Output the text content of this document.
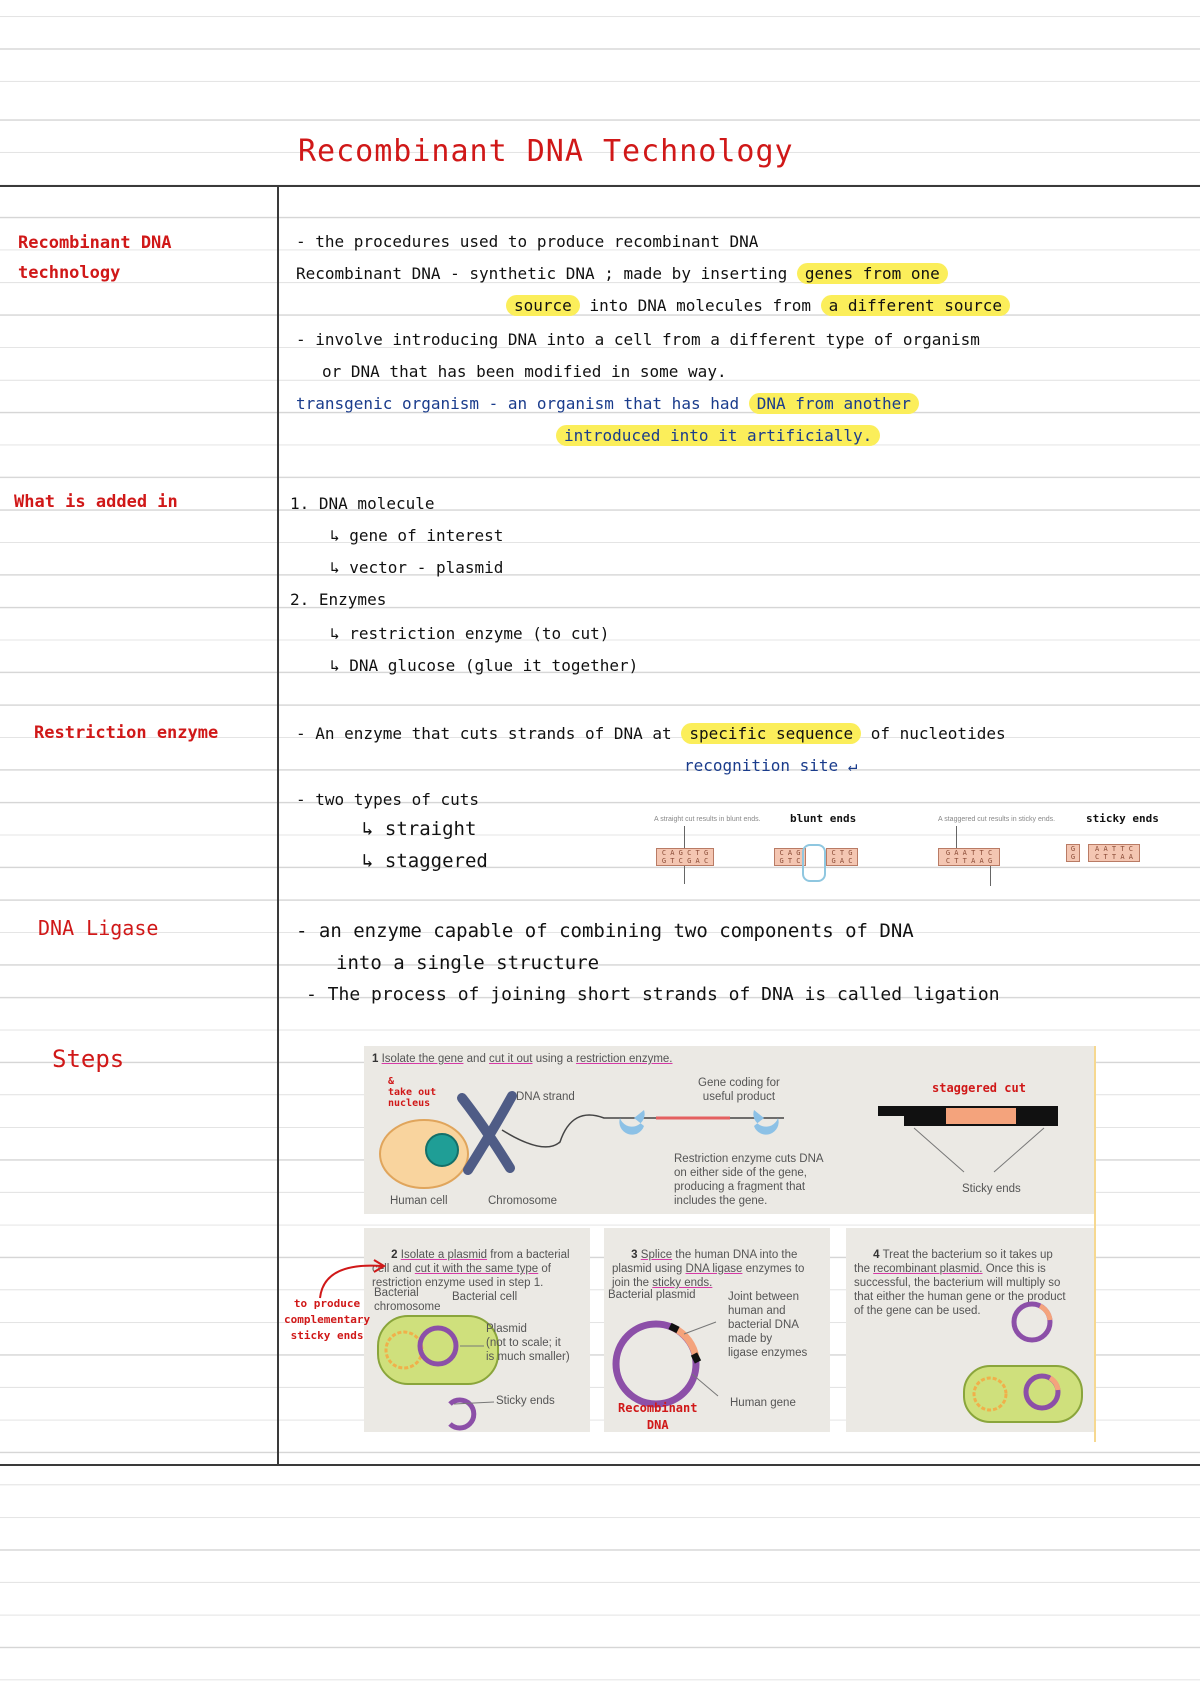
Recombinant DNA Technology
Recombinant DNA
technology
What is added in
Restriction enzyme
DNA Ligase
Steps
- the procedures used to produce recombinant DNA
Recombinant DNA - synthetic DNA ; made by inserting genes from one
source into DNA molecules from a different source
- involve introducing DNA into a cell from a different type of organism
or DNA that has been modified in some way.
transgenic organism - an organism that has had DNA from another
introduced into it artificially.
1. DNA molecule
↳ gene of interest
↳ vector - plasmid
2. Enzymes
↳ restriction enzyme (to cut)
↳ DNA glucose (glue it together)
- An enzyme that cuts strands of DNA at specific sequence of nucleotides
recognition site ↵
- two types of cuts
↳ straight
↳ staggered
A straight cut results in blunt ends.	blunt ends
C A G C T G
G T C G A C
C A G
G T C
C T G
G A C
A staggered cut results in sticky ends.	sticky ends
G A A T T C
C T T A A G
G
G
A A T T C
C T T A A
- an enzyme capable of combining two components of DNA
into a single structure
- The process of joining short strands of DNA is called ligation
1 Isolate the gene and cut it out using a restriction enzyme.
DNA strand
Gene coding for
useful product
Restriction enzyme cuts DNA
on either side of the gene,
producing a fragment that
includes the gene.
Human cell	Chromosome
Sticky ends
&
take out
nucleus
staggered cut

2 Isolate a plasmid from a bacterial
cell and cut it with the same type of
restriction enzyme used in step 1.

Bacterial
chromosome
Bacterial cell
Plasmid
(not to scale; it
is much smaller)
Sticky ends
to produce
complementary
sticky ends

3 Splice the human DNA into the
plasmid using DNA ligase enzymes to
join the sticky ends.

Bacterial plasmid	Joint between
human and
bacterial DNA
made by
ligase enzymes
Human gene
Recombinant
DNA

4 Treat the bacterium so it takes up
the recombinant plasmid. Once this is
successful, the bacterium will multiply so
that either the human gene or the product
of the gene can be used.
